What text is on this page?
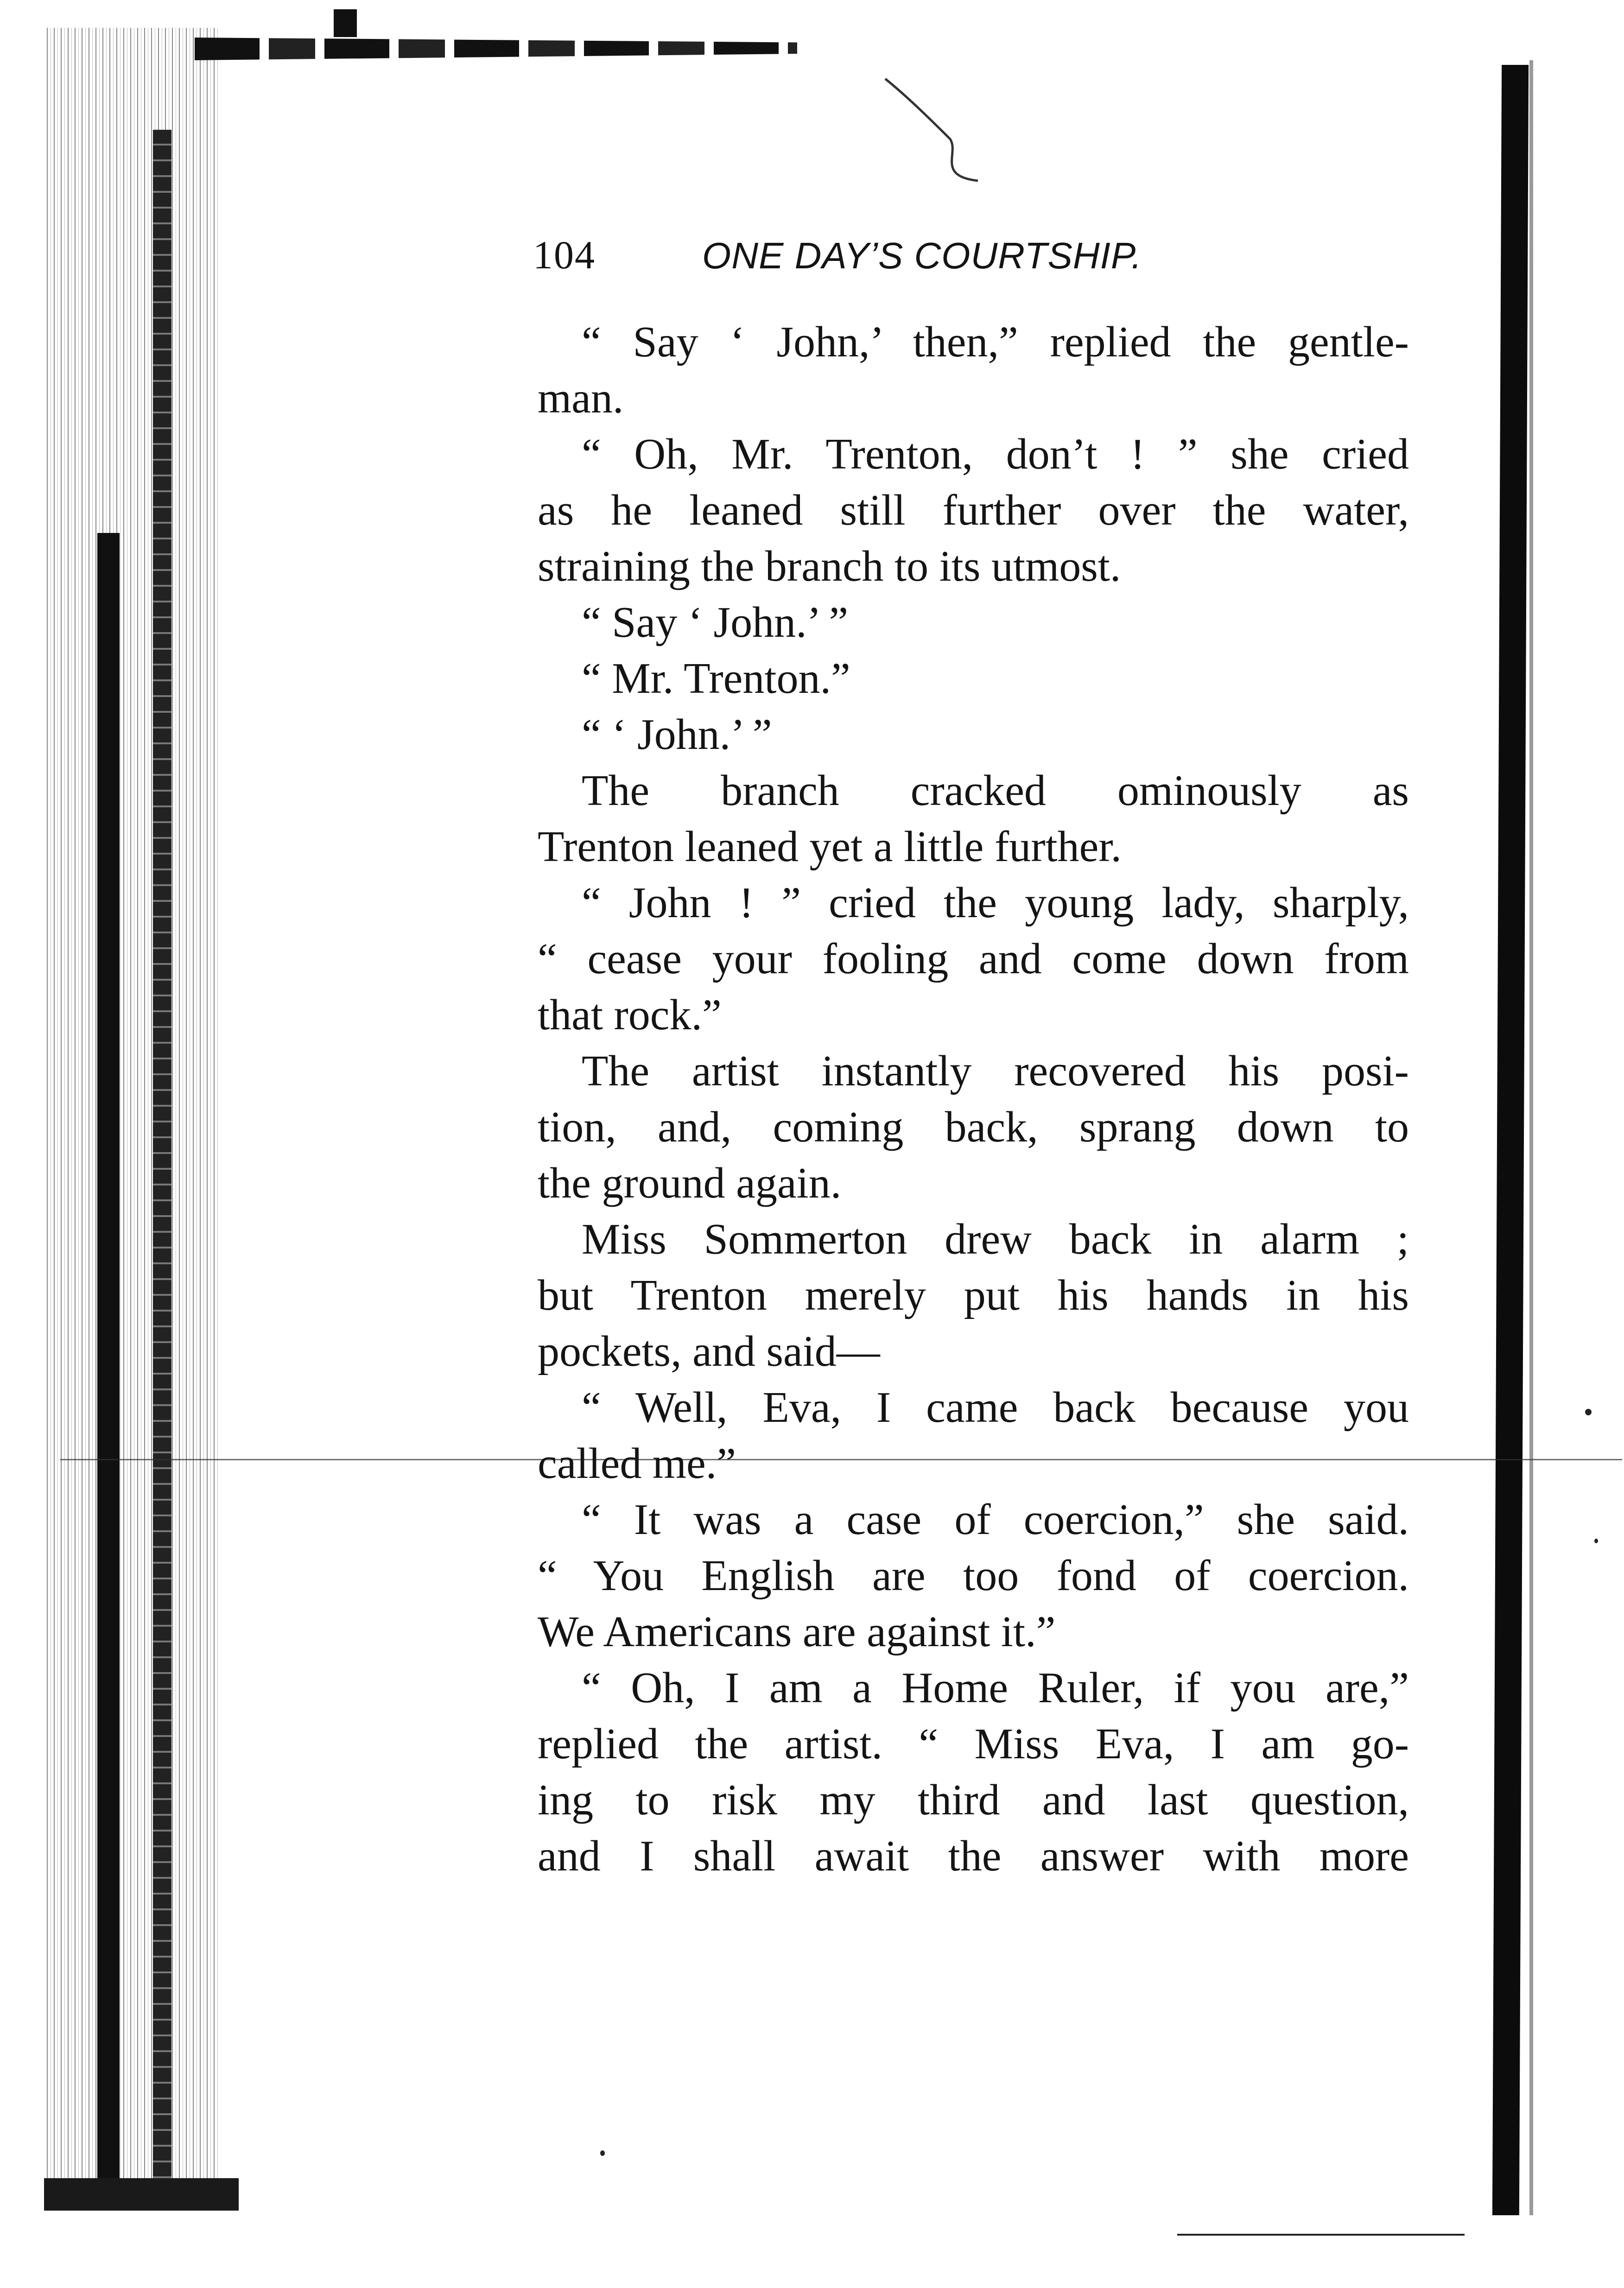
104	ONE DAY’S COURTSHIP.
“ Say ‘ John,’ then,” replied the gentle-
man.
“ Oh, Mr. Trenton, don’t ! ” she cried
as he leaned still further over the water,
straining the branch to its utmost.
“ Say ‘ John.’ ”
“ Mr. Trenton.”
“ ‘ John.’ ”
The branch cracked ominously as
Trenton leaned yet a little further.
“ John ! ” cried the young lady, sharply,
“ cease your fooling and come down from
that rock.”
The artist instantly recovered his posi-
tion, and, coming back, sprang down to
the ground again.
Miss Sommerton drew back in alarm ;
but Trenton merely put his hands in his
pockets, and said—
“ Well, Eva, I came back because you
called me.”
“ It was a case of coercion,” she said.
“ You English are too fond of coercion.
We Americans are against it.”
“ Oh, I am a Home Ruler, if you are,”
replied the artist. “ Miss Eva, I am go-
ing to risk my third and last question,
and I shall await the answer with more
